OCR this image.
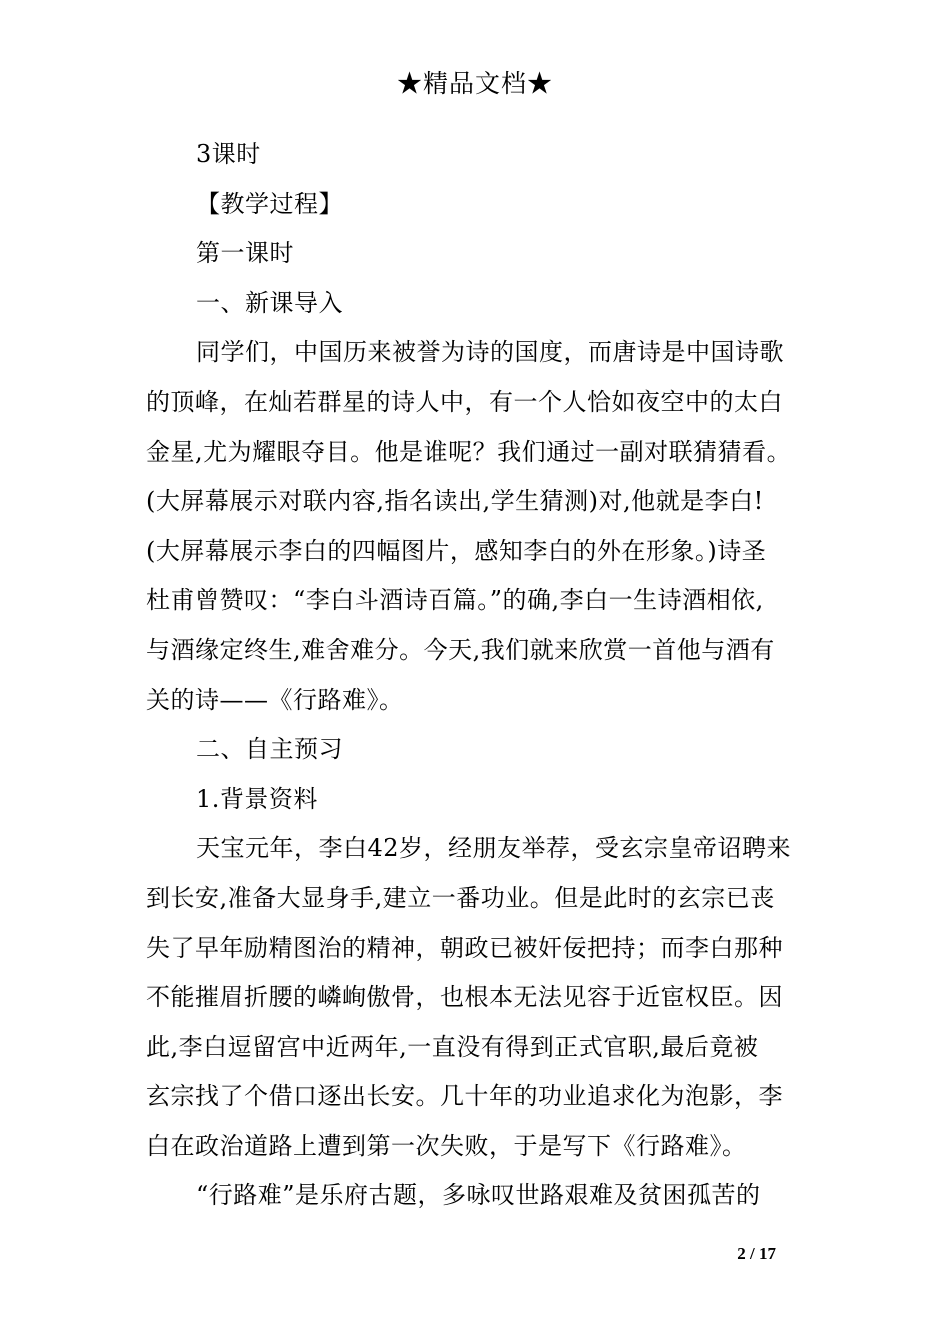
★精品文档★
3课时
【教学过程】
第一课时
一、新课导入
同学们，中国历来被誉为诗的国度，而唐诗是中国诗歌
的顶峰，在灿若群星的诗人中，有一个人恰如夜空中的太白
金星,尤为耀眼夺目。他是谁呢？我们通过一副对联猜猜看。
(大屏幕展示对联内容,指名读出,学生猜测)对,他就是李白!
(大屏幕展示李白的四幅图片，感知李白的外在形象。)诗圣
杜甫曾赞叹：“李白斗酒诗百篇。”的确,李白一生诗酒相依,
与酒缘定终生,难舍难分。今天,我们就来欣赏一首他与酒有
关的诗——《行路难》。
二、自主预习
1.背景资料
天宝元年，李白42岁，经朋友举荐，受玄宗皇帝诏聘来
到长安,准备大显身手,建立一番功业。但是此时的玄宗已丧
失了早年励精图治的精神，朝政已被奸佞把持；而李白那种
不能摧眉折腰的嶙峋傲骨，也根本无法见容于近宦权臣。因
此,李白逗留宫中近两年,一直没有得到正式官职,最后竟被
玄宗找了个借口逐出长安。几十年的功业追求化为泡影，李
白在政治道路上遭到第一次失败，于是写下《行路难》。
“行路难”是乐府古题，多咏叹世路艰难及贫困孤苦的
2 / 17
